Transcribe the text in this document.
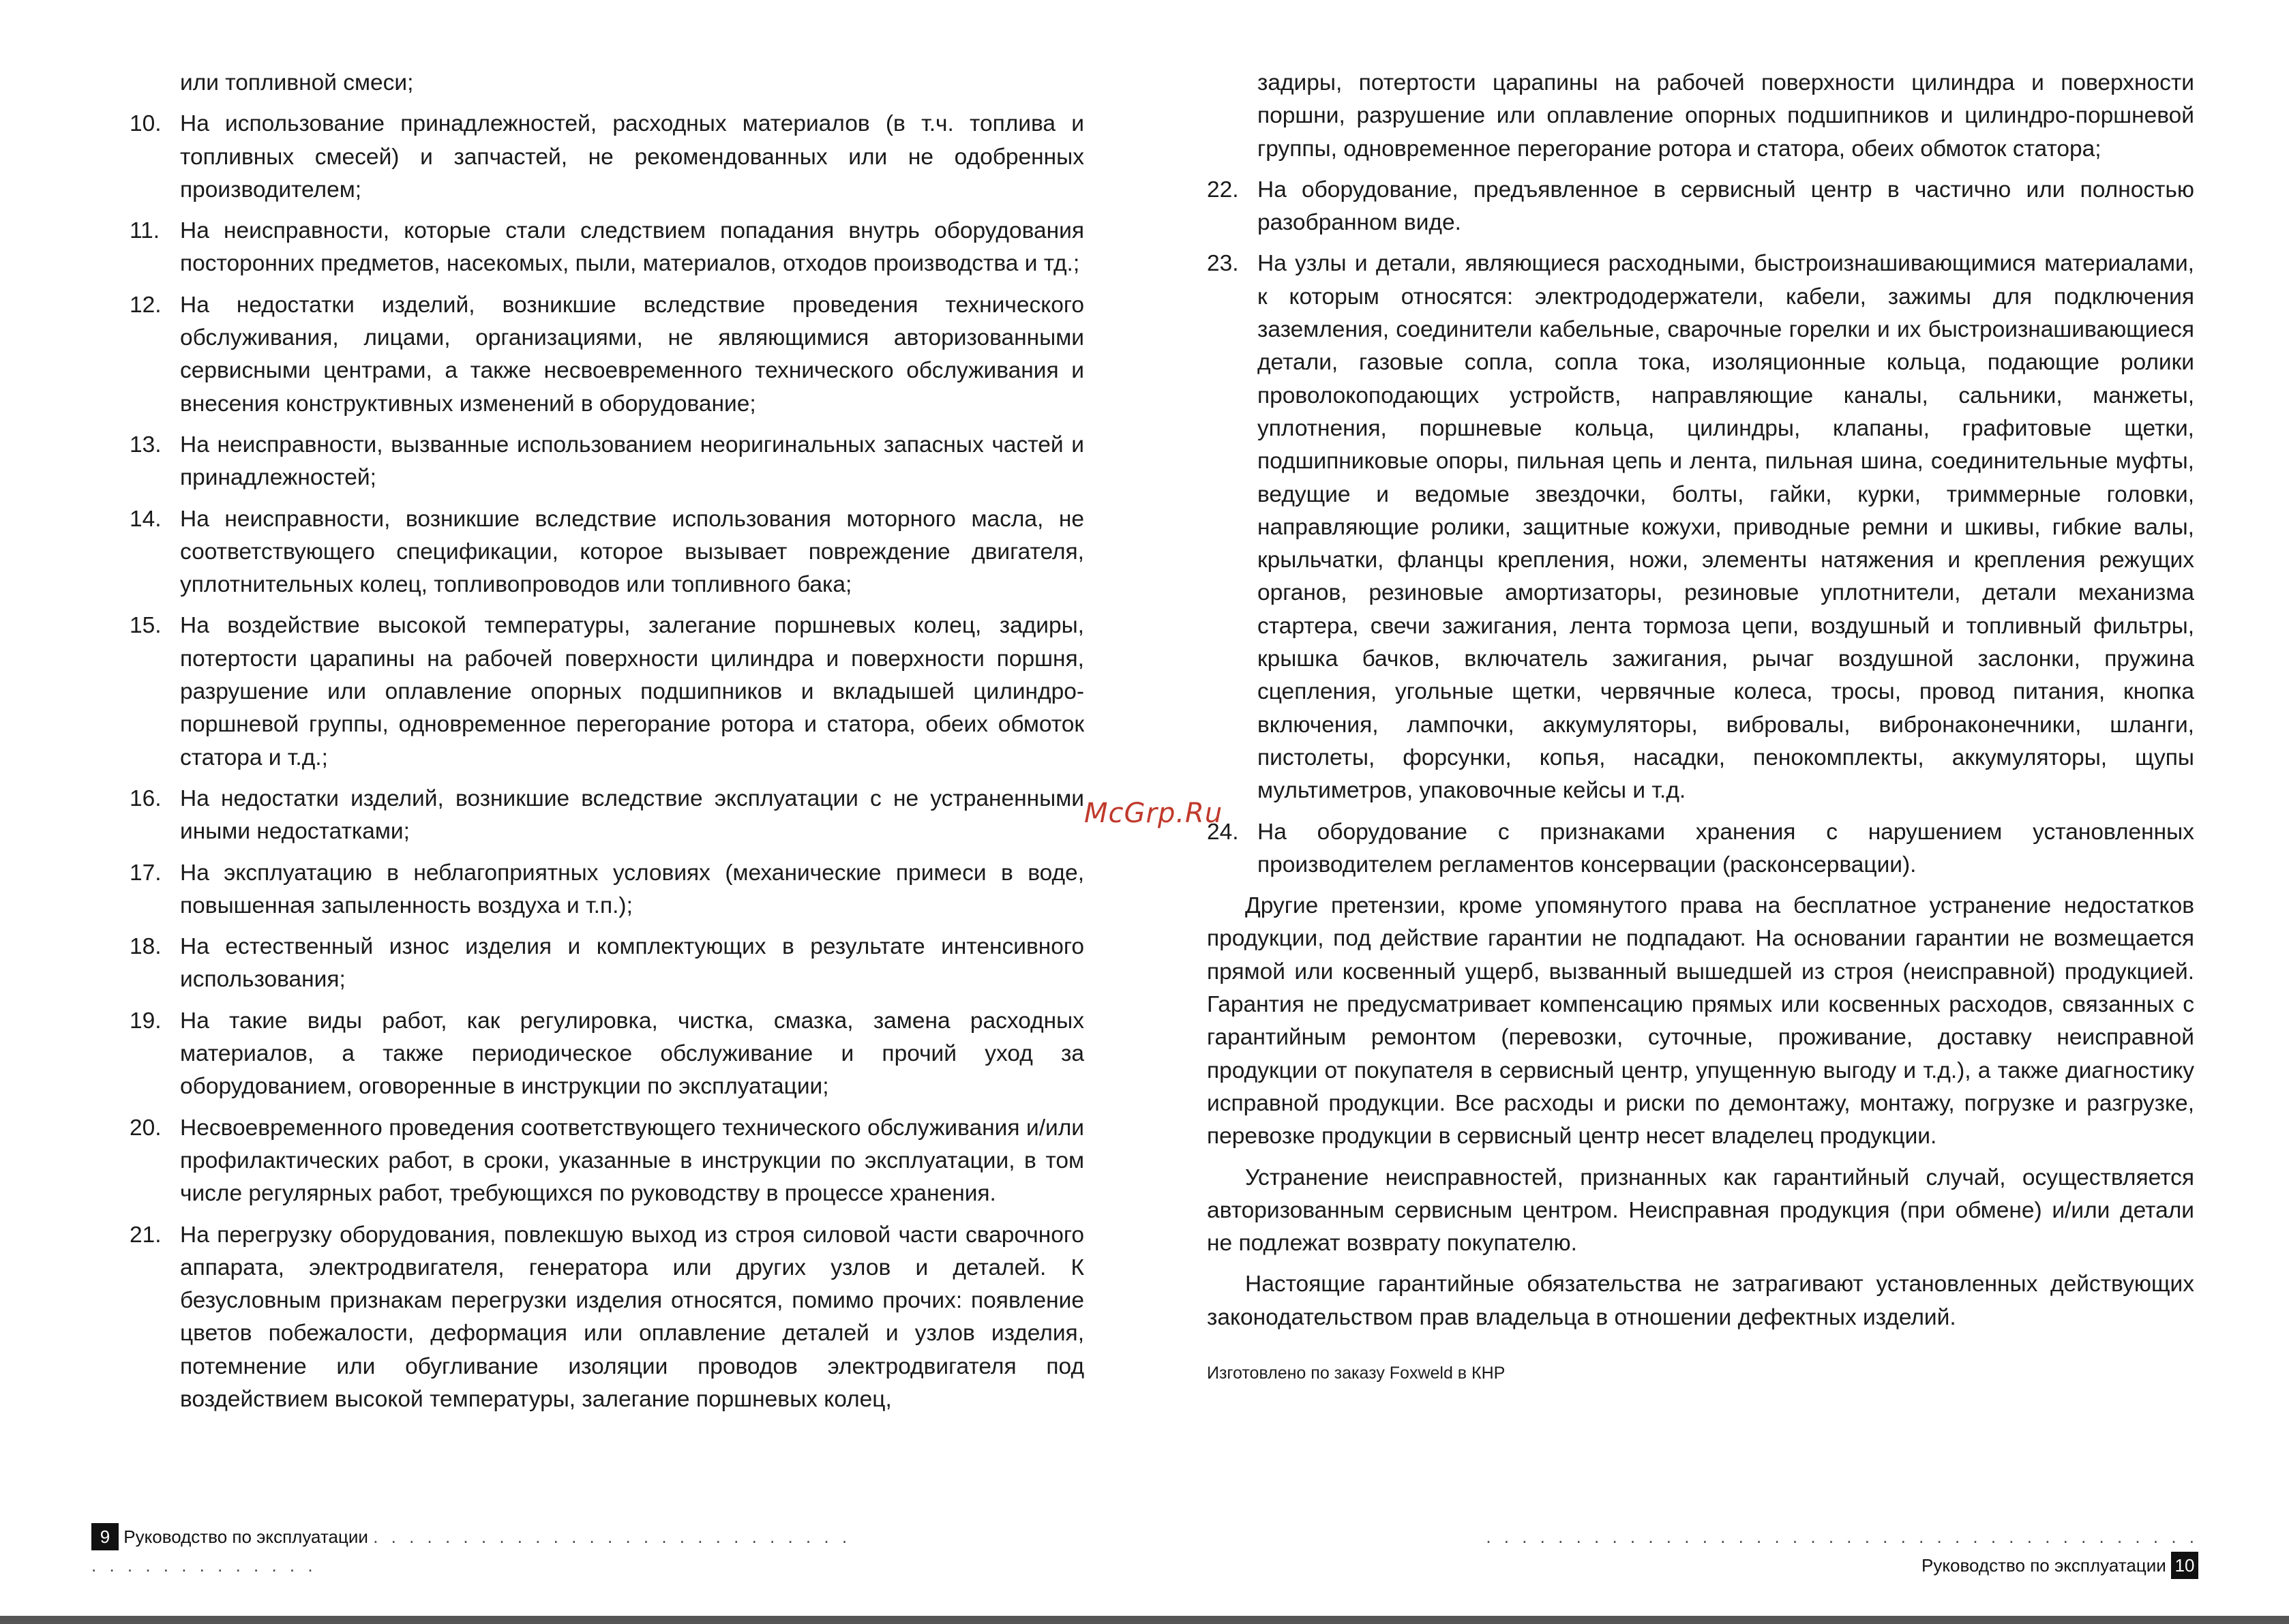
или топливной смеси;
10. На использование принадлежностей, расходных материалов (в т.ч. топлива и топливных смесей) и запчастей, не рекомендованных или не одобренных производителем;
11. На неисправности, которые стали следствием попадания внутрь оборудования посторонних предметов, насекомых, пыли, материалов, отходов производства и тд.;
12. На недостатки изделий, возникшие вследствие проведения технического обслуживания, лицами, организациями, не являющимися авторизованными сервисными центрами, а также несвоевременного технического обслуживания и внесения конструктивных изменений в оборудование;
13. На неисправности, вызванные использованием неоригинальных запасных частей и принадлежностей;
14. На неисправности, возникшие вследствие использования моторного масла, не соответствующего спецификации, которое вызывает повреждение двигателя, уплотнительных колец, топливопроводов или топливного бака;
15. На воздействие высокой температуры, залегание поршневых колец, задиры, потертости царапины на рабочей поверхности цилиндра и поверхности поршня, разрушение или оплавление опорных подшипников и вкладышей цилиндро-поршневой группы, одновременное перегорание ротора и статора, обеих обмоток статора и т.д.;
16. На недостатки изделий, возникшие вследствие эксплуатации с не устраненными иными недостатками;
17. На эксплуатацию в неблагоприятных условиях (механические примеси в воде, повышенная запыленность воздуха и т.п.);
18. На естественный износ изделия и комплектующих в результате интенсивного использования;
19. На такие виды работ, как регулировка, чистка, смазка, замена расходных материалов, а также периодическое обслуживание и прочий уход за оборудованием, оговоренные в инструкции по эксплуатации;
20. Несвоевременного проведения соответствующего технического обслуживания и/или профилактических работ, в сроки, указанные в инструкции по эксплуатации, в том числе регулярных работ, требующихся по руководству в процессе хранения.
21. На перегрузку оборудования, повлекшую выход из строя силовой части сварочного аппарата, электродвигателя, генератора или других узлов и деталей. К безусловным признакам перегрузки изделия относятся, помимо прочих: появление цветов побежалости, деформация или оплавление деталей и узлов изделия, потемнение или обугливание изоляции проводов электродвигателя под воздействием высокой температуры, залегание поршневых колец,
задиры, потертости царапины на рабочей поверхности цилиндра и поверхности поршни, разрушение или оплавление опорных подшипников и цилиндро-поршневой группы, одновременное перегорание ротора и статора, обеих обмоток статора;
22. На оборудование, предъявленное в сервисный центр в частично или полностью разобранном виде.
23. На узлы и детали, являющиеся расходными, быстроизнашивающимися материалами, к которым относятся: электрододержатели, кабели, зажимы для подключения заземления, соединители кабельные, сварочные горелки и их быстроизнашивающиеся детали, газовые сопла, сопла тока, изоляционные кольца, подающие ролики проволокоподающих устройств, направляющие каналы, сальники, манжеты, уплотнения, поршневые кольца, цилиндры, клапаны, графитовые щетки, подшипниковые опоры, пильная цепь и лента, пильная шина, соединительные муфты, ведущие и ведомые звездочки, болты, гайки, курки, триммерные головки, направляющие ролики, защитные кожухи, приводные ремни и шкивы, гибкие валы, крыльчатки, фланцы крепления, ножи, элементы натяжения и крепления режущих органов, резиновые амортизаторы, резиновые уплотнители, детали механизма стартера, свечи зажигания, лента тормоза цепи, воздушный и топливный фильтры, крышка бачков, включатель зажигания, рычаг воздушной заслонки, пружина сцепления, угольные щетки, червячные колеса, тросы, провод питания, кнопка включения, лампочки, аккумуляторы, вибровалы, вибронаконечники, шланги, пистолеты, форсунки, копья, насадки, пенокомплекты, аккумуляторы, щупы мультиметров, упаковочные кейсы и т.д.
24. На оборудование с признаками хранения с нарушением установленных производителем регламентов консервации (расконсервации).

Другие претензии, кроме упомянутого права на бесплатное устранение недостатков продукции, под действие гарантии не подпадают. На основании гарантии не возмещается прямой или косвенный ущерб, вызванный вышедшей из строя (неисправной) продукцией. Гарантия не предусматривает компенсацию прямых или косвенных расходов, связанных с гарантийным ремонтом (перевозки, суточные, проживание, доставку неисправной продукции от покупателя в сервисный центр, упущенную выгоду и т.д.), а также диагностику исправной продукции. Все расходы и риски по демонтажу, монтажу, погрузке и разгрузке, перевозке продукции в сервисный центр несет владелец продукции.

Устранение неисправностей, признанных как гарантийный случай, осуществляется авторизованным сервисным центром. Неисправная продукция (при обмене) и/или детали не подлежат возврату покупателю.

Настоящие гарантийные обязательства не затрагивают установленных действующих законодательством прав владельца в отношении дефектных изделий.

Изготовлено по заказу Foxweld в КНР
McGrp.Ru
9 Руководство по эксплуатации . . . . . . . . . . . . . . . . . . . . . . . . . . . . . . . . . . . . . . . .
. . . . . . . . . . . . . . . . . . . . . . . . . . . . . . . . . . . . . . . . Руководство по эксплуатации 10
